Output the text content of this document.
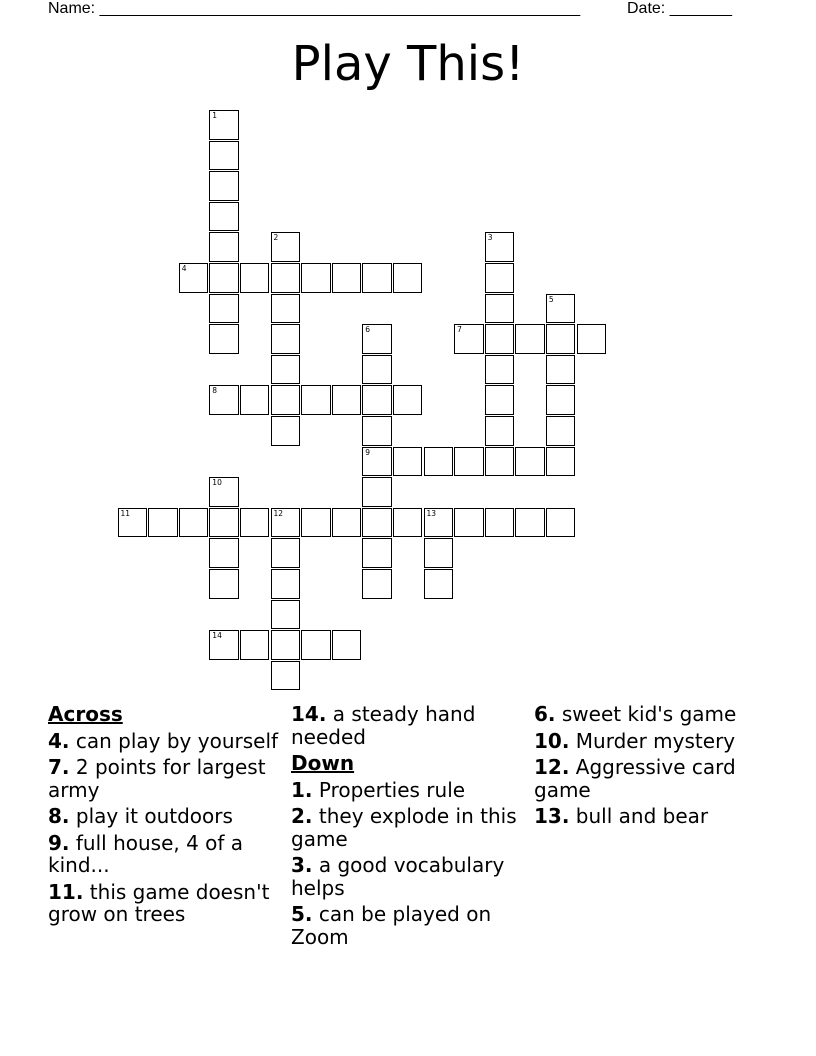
Name: ______________________________________________________	Date: _______
Play This!
1
2	3
4
5
6
9
7
8
10
11	12	13
14
Across
4. can play by yourself
7. 2 points for largest army
8. play it outdoors
9. full house, 4 of a kind...
11. this game doesn't grow on trees
14. a steady hand needed
Down
1. Properties rule
2. they explode in this game
3. a good vocabulary helps
5. can be played on Zoom
6. sweet kid's game
10. Murder mystery
12. Aggressive card game
13. bull and bear
